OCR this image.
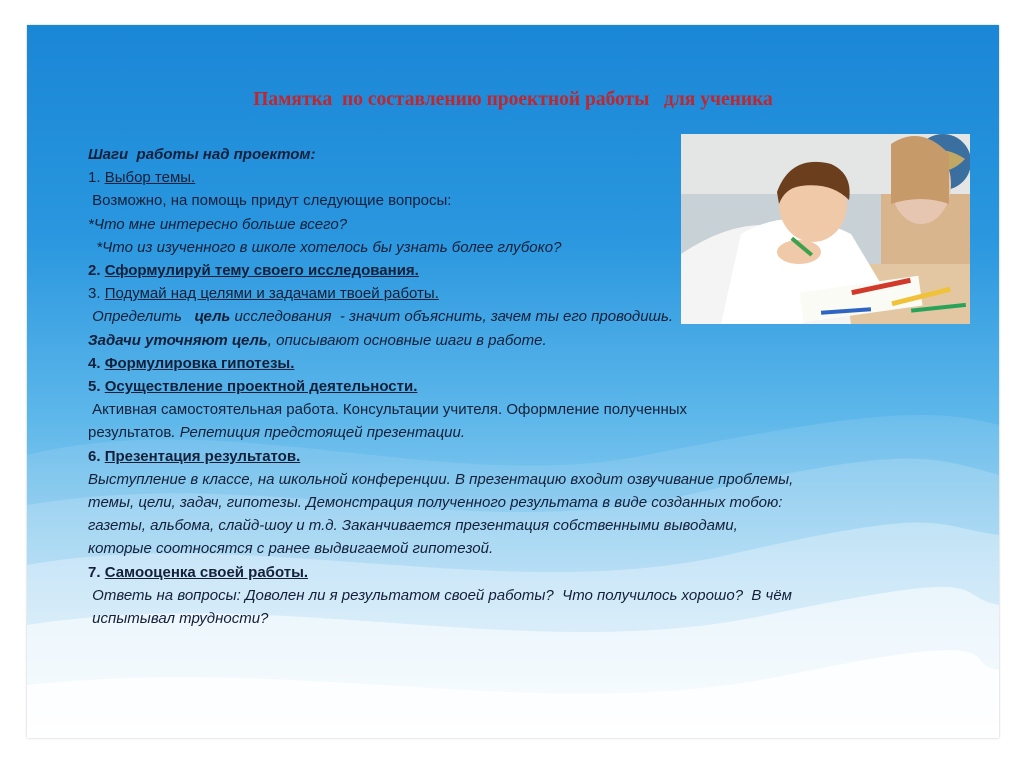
Памятка  по составлению проектной работы   для ученика
Шаги  работы над проектом:
1. Выбор темы.
Возможно, на помощь придут следующие вопросы:
*Что мне интересно больше всего?
*Что из изученного в школе хотелось бы узнать более глубоко?
2. Сформулируй тему своего исследования.
3. Подумай над целями и задачами твоей работы.
Определить   цель исследования  - значит объяснить, зачем ты его проводишь.
Задачи уточняют цель, описывают основные шаги в работе.
4. Формулировка гипотезы.
5. Осуществление проектной деятельности.
Активная самостоятельная работа. Консультации учителя. Оформление полученных
результатов. Репетиция предстоящей презентации.
6. Презентация результатов.
Выступление в классе, на школьной конференции. В презентацию входит озвучивание проблемы,
темы, цели, задач, гипотезы. Демонстрация полученного результата в виде созданных тобою:
газеты, альбома, слайд-шоу и т.д. Заканчивается презентация собственными выводами,
которые соотносятся с ранее выдвигаемой гипотезой.
7. Самооценка своей работы.
Ответь на вопросы: Доволен ли я результатом своей работы?  Что получилось хорошо?  В чём
испытывал трудности?
